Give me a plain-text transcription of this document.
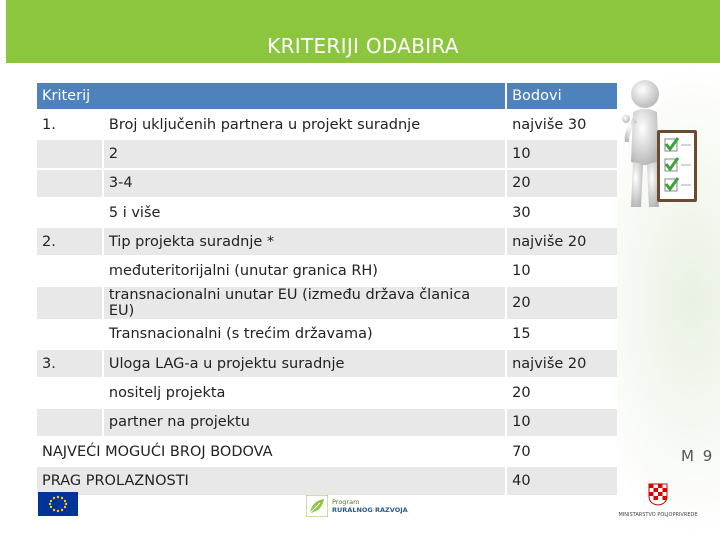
KRITERIJI ODABIRA
Kriterij		Bodovi
1.	Broj uključenih partnera u projekt suradnje	najviše 30
	2	10
	3-4	20
	5 i više	30
2.	Tip projekta suradnje *	najviše 20
	međuteritorijalni (unutar granica RH)	10
	transnacionalni unutar EU (između država članica EU)	20
	Transnacionalni (s trećim državama)	15
3.	Uloga LAG-a u projektu suradnje	najviše 20
	nositelj projekta	20
	partner na projektu	10
NAJVEĆI MOGUĆI BROJ BODOVA		70
PRAG PROLAZNOSTI		40
M 9
Program
RURALNOG RAZVOJA
MINISTARSTVO POLJOPRIVREDE
